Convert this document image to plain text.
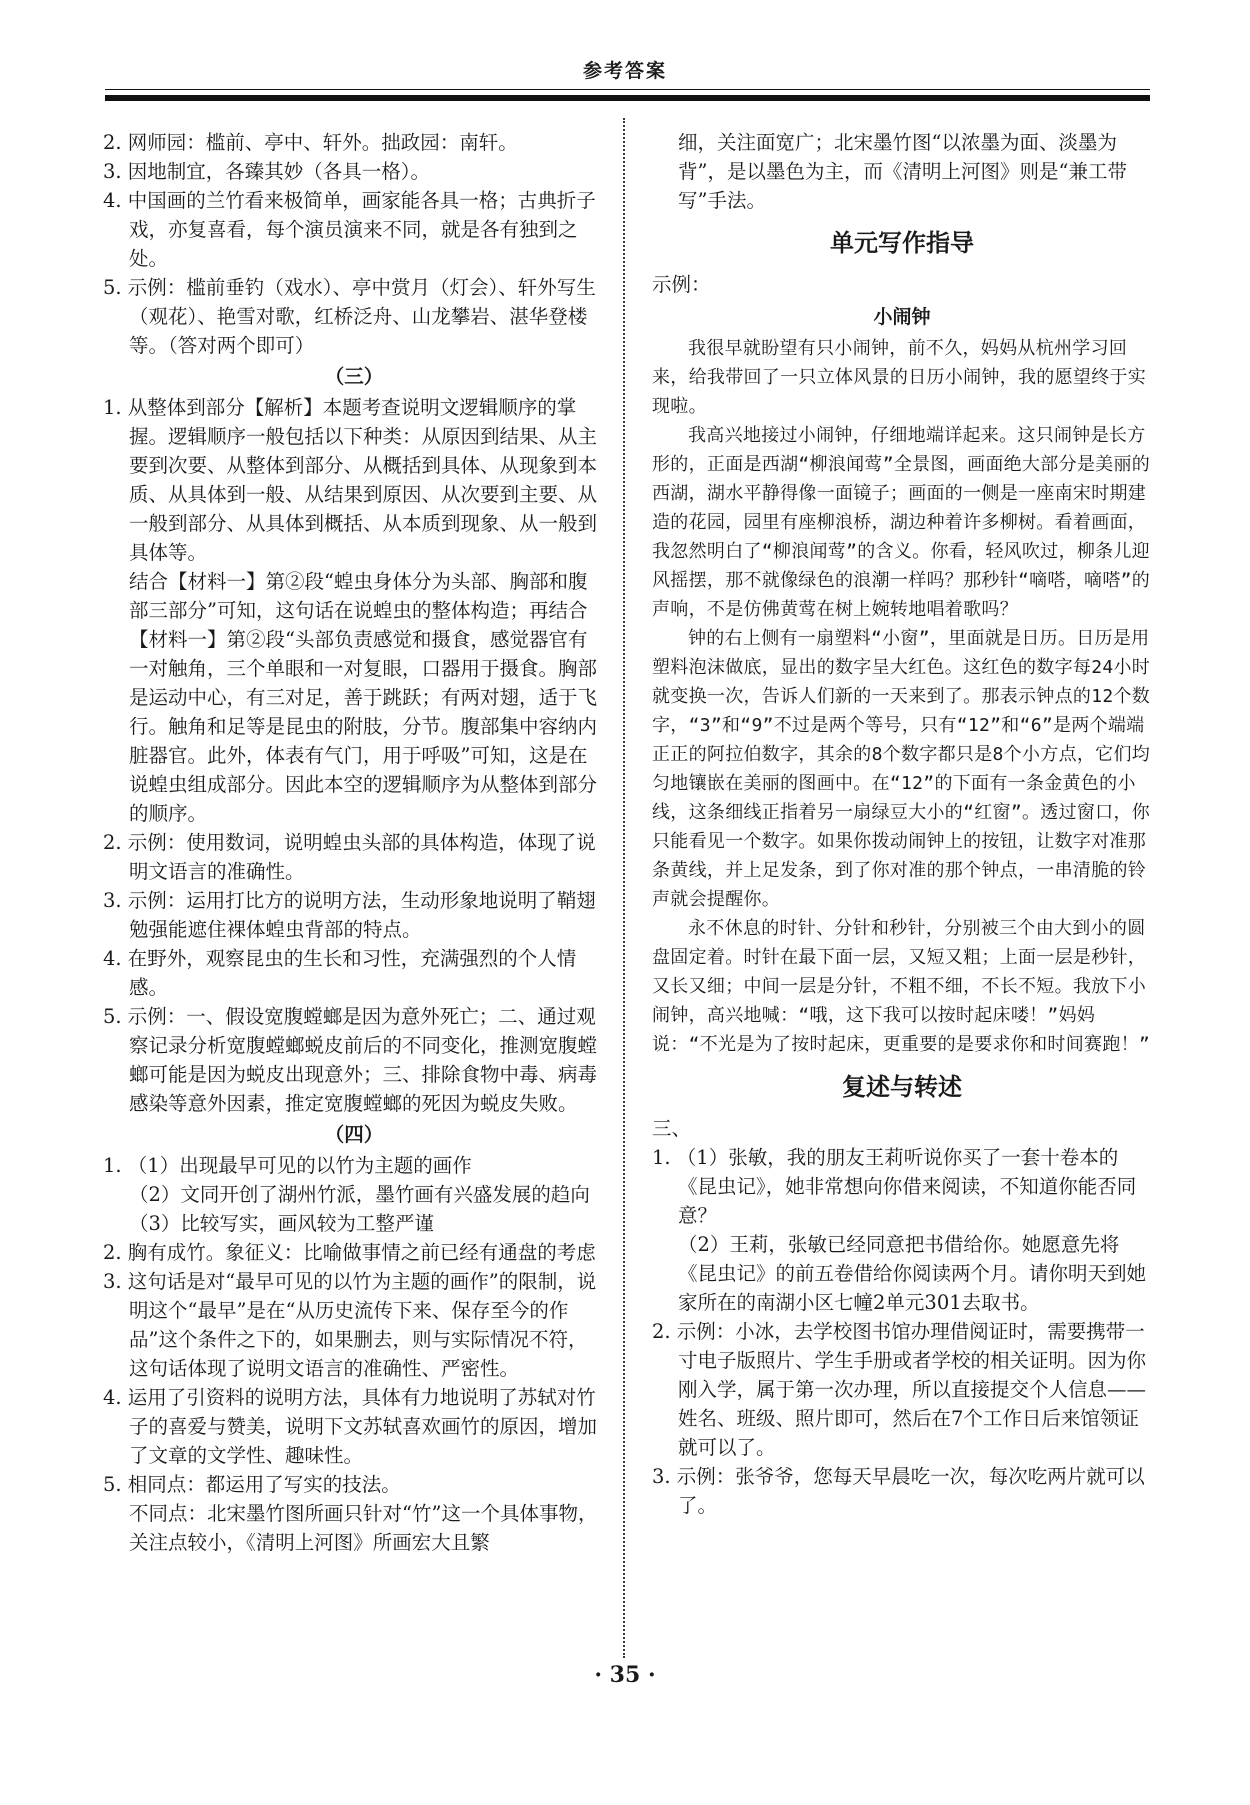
参考答案

2. 网师园：槛前、亭中、轩外。拙政园：南轩。

3. 因地制宜，各臻其妙（各具一格）。

4. 中国画的兰竹看来极简单，画家能各具一格；古典折子戏，亦复喜看，每个演员演来不同，就是各有独到之处。

5. 示例：槛前垂钓（戏水）、亭中赏月（灯会）、轩外写生（观花）、艳雪对歌，红桥泛舟、山龙攀岩、湛华登楼等。（答对两个即可）

（三）

1. 从整体到部分【解析】本题考查说明文逻辑顺序的掌握。逻辑顺序一般包括以下种类：从原因到结果、从主要到次要、从整体到部分、从概括到具体、从现象到本质、从具体到一般、从结果到原因、从次要到主要、从一般到部分、从具体到概括、从本质到现象、从一般到具体等。

结合【材料一】第②段“蝗虫身体分为头部、胸部和腹部三部分”可知，这句话在说蝗虫的整体构造；再结合【材料一】第②段“头部负责感觉和摄食，感觉器官有一对触角，三个单眼和一对复眼，口器用于摄食。胸部是运动中心，有三对足，善于跳跃；有两对翅，适于飞行。触角和足等是昆虫的附肢，分节。腹部集中容纳内脏器官。此外，体表有气门，用于呼吸”可知，这是在说蝗虫组成部分。因此本空的逻辑顺序为从整体到部分的顺序。

2. 示例：使用数词，说明蝗虫头部的具体构造，体现了说明文语言的准确性。

3. 示例：运用打比方的说明方法，生动形象地说明了鞘翅勉强能遮住裸体蝗虫背部的特点。

4. 在野外，观察昆虫的生长和习性，充满强烈的个人情感。

5. 示例：一、假设宽腹螳螂是因为意外死亡；二、通过观察记录分析宽腹螳螂蜕皮前后的不同变化，推测宽腹螳螂可能是因为蜕皮出现意外；三、排除食物中毒、病毒感染等意外因素，推定宽腹螳螂的死因为蜕皮失败。

（四）

1. （1）出现最早可见的以竹为主题的画作

（2）文同开创了湖州竹派，墨竹画有兴盛发展的趋向

（3）比较写实，画风较为工整严谨

2. 胸有成竹。象征义：比喻做事情之前已经有通盘的考虑

3. 这句话是对“最早可见的以竹为主题的画作”的限制，说明这个“最早”是在“从历史流传下来、保存至今的作品”这个条件之下的，如果删去，则与实际情况不符，这句话体现了说明文语言的准确性、严密性。

4. 运用了引资料的说明方法，具体有力地说明了苏轼对竹子的喜爱与赞美，说明下文苏轼喜欢画竹的原因，增加了文章的文学性、趣味性。

5. 相同点：都运用了写实的技法。

不同点：北宋墨竹图所画只针对“竹”这一个具体事物，关注点较小，《清明上河图》所画宏大且繁

细，关注面宽广；北宋墨竹图“以浓墨为面、淡墨为背”，是以墨色为主，而《清明上河图》则是“兼工带写”手法。

单元写作指导

示例：

小闹钟

我很早就盼望有只小闹钟，前不久，妈妈从杭州学习回来，给我带回了一只立体风景的日历小闹钟，我的愿望终于实现啦。

我高兴地接过小闹钟，仔细地端详起来。这只闹钟是长方形的，正面是西湖“柳浪闻莺”全景图，画面绝大部分是美丽的西湖，湖水平静得像一面镜子；画面的一侧是一座南宋时期建造的花园，园里有座柳浪桥，湖边种着许多柳树。看着画面，我忽然明白了“柳浪闻莺”的含义。你看，轻风吹过，柳条儿迎风摇摆，那不就像绿色的浪潮一样吗？那秒针“嘀嗒，嘀嗒”的声响，不是仿佛黄莺在树上婉转地唱着歌吗？

钟的右上侧有一扇塑料“小窗”，里面就是日历。日历是用塑料泡沫做底，显出的数字呈大红色。这红色的数字每24小时就变换一次，告诉人们新的一天来到了。那表示钟点的12个数字，“3”和“9”不过是两个等号，只有“12”和“6”是两个端端正正的阿拉伯数字，其余的8个数字都只是8个小方点，它们均匀地镶嵌在美丽的图画中。在“12”的下面有一条金黄色的小线，这条细线正指着另一扇绿豆大小的“红窗”。透过窗口，你只能看见一个数字。如果你拨动闹钟上的按钮，让数字对准那条黄线，并上足发条，到了你对准的那个钟点，一串清脆的铃声就会提醒你。

永不休息的时针、分针和秒针，分别被三个由大到小的圆盘固定着。时针在最下面一层，又短又粗；上面一层是秒针，又长又细；中间一层是分针，不粗不细，不长不短。我放下小闹钟，高兴地喊：“哦，这下我可以按时起床喽！”妈妈说：“不光是为了按时起床，更重要的是要求你和时间赛跑！”

复述与转述

三、

1. （1）张敏，我的朋友王莉听说你买了一套十卷本的《昆虫记》，她非常想向你借来阅读，不知道你能否同意？

（2）王莉，张敏已经同意把书借给你。她愿意先将《昆虫记》的前五卷借给你阅读两个月。请你明天到她家所在的南湖小区七幢2单元301去取书。

2. 示例：小冰，去学校图书馆办理借阅证时，需要携带一寸电子版照片、学生手册或者学校的相关证明。因为你刚入学，属于第一次办理，所以直接提交个人信息——姓名、班级、照片即可，然后在7个工作日后来馆领证就可以了。

3. 示例：张爷爷，您每天早晨吃一次，每次吃两片就可以了。

· 35 ·
